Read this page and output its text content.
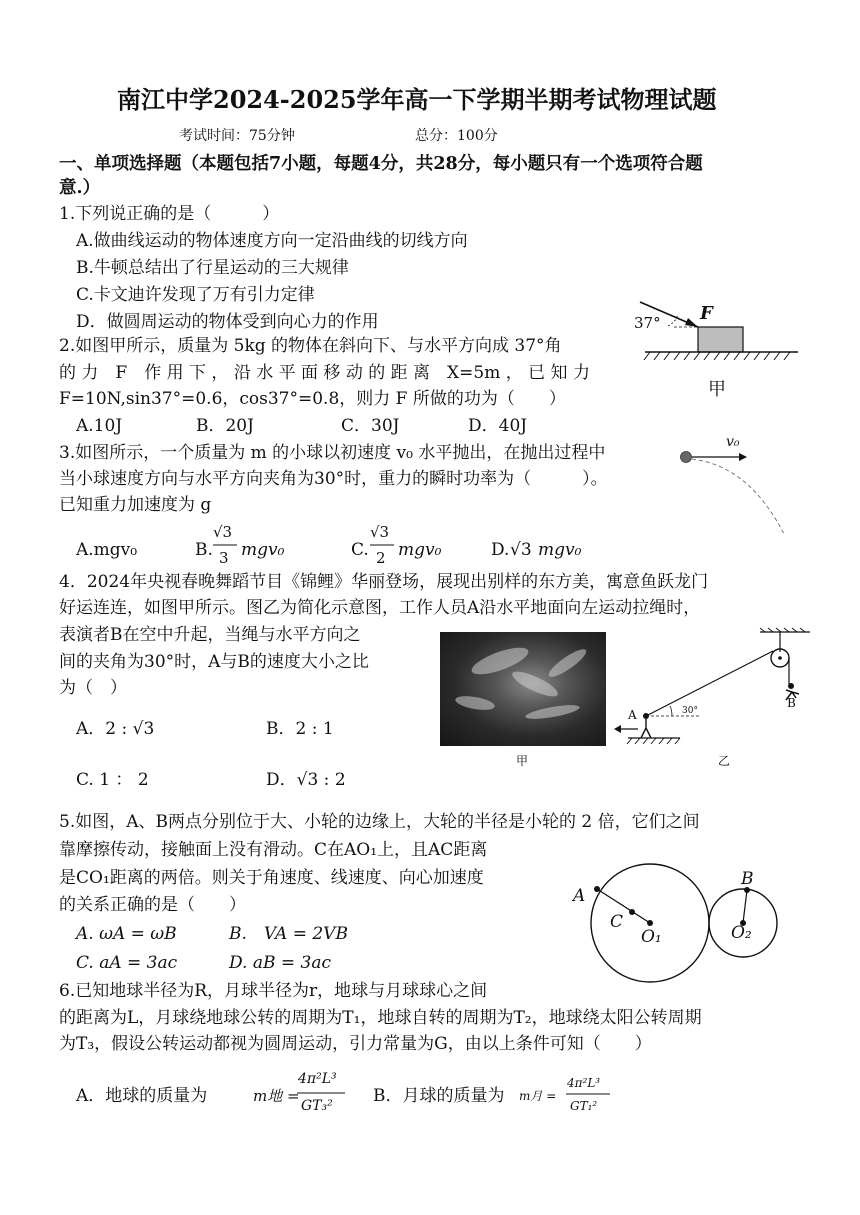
南江中学2024-2025学年高一下学期半期考试物理试题
考试时间：75分钟	总分：100分
一、单项选择题（本题包括7小题，每题4分，共28分，每小题只有一个选项符合题
意.）
1.下列说正确的是（　　　）
A.做曲线运动的物体速度方向一定沿曲线的切线方向
B.牛顿总结出了行星运动的三大规律
C.卡文迪许发现了万有引力定律
D．做圆周运动的物体受到向心力的作用	37° F
甲
2.如图甲所示，质量为 5kg 的物体在斜向下、与水平方向成 37°角
的 力　F　作 用 下 ， 沿 水 平 面 移 动 的 距 离　X=5m ， 已 知 力
F=10N,sin37°=0.6，cos37°=0.8，则力 F 所做的功为（　　）
A.10J	B．20J	C．30J	D．40J
v₀
3.如图所示，一个质量为 m 的小球以初速度 v₀ 水平抛出，在抛出过程中
当小球速度方向与水平方向夹角为30°时，重力的瞬时功率为（　　　）。
已知重力加速度为 g
A.mgv₀	B.
√3
3 mgv₀	C.
√3
2 mgv₀	D. √3 mgv₀
4．2024年央视春晚舞蹈节目《锦鲤》华丽登场，展现出别样的东方美，寓意鱼跃龙门
好运连连，如图甲所示。图乙为简化示意图，工作人员A沿水平地面向左运动拉绳时，
表演者B在空中升起，当绳与水平方向之
间的夹角为30°时，A与B的速度大小之比
为（　）
A．2 : √3	B．2 : 1
C. 1 ： 2	D．√3 : 2
甲
A
B
30°
乙
5.如图，A、B两点分别位于大、小轮的边缘上，大轮的半径是小轮的 2 倍，它们之间
靠摩擦传动，接触面上没有滑动。C在AO₁上，且AC距离
是CO₁距离的两倍。则关于角速度、线速度、向心加速度
的关系正确的是（　　）
A. ωA = ωB	B.　VA = 2VB
C. aA = 3ac	D. aB = 3ac
A
C
O₁
B
O₂
6.已知地球半径为R，月球半径为r，地球与月球球心之间
的距离为L，月球绕地球公转的周期为T₁，地球自转的周期为T₂，地球绕太阳公转周期
为T₃，假设公转运动都视为圆周运动，引力常量为G，由以上条件可知（　　）
A．地球的质量为	m地 =
4π²L³
GT₃² B．月球的质量为 m月 =
4π²L³
GT₁²
